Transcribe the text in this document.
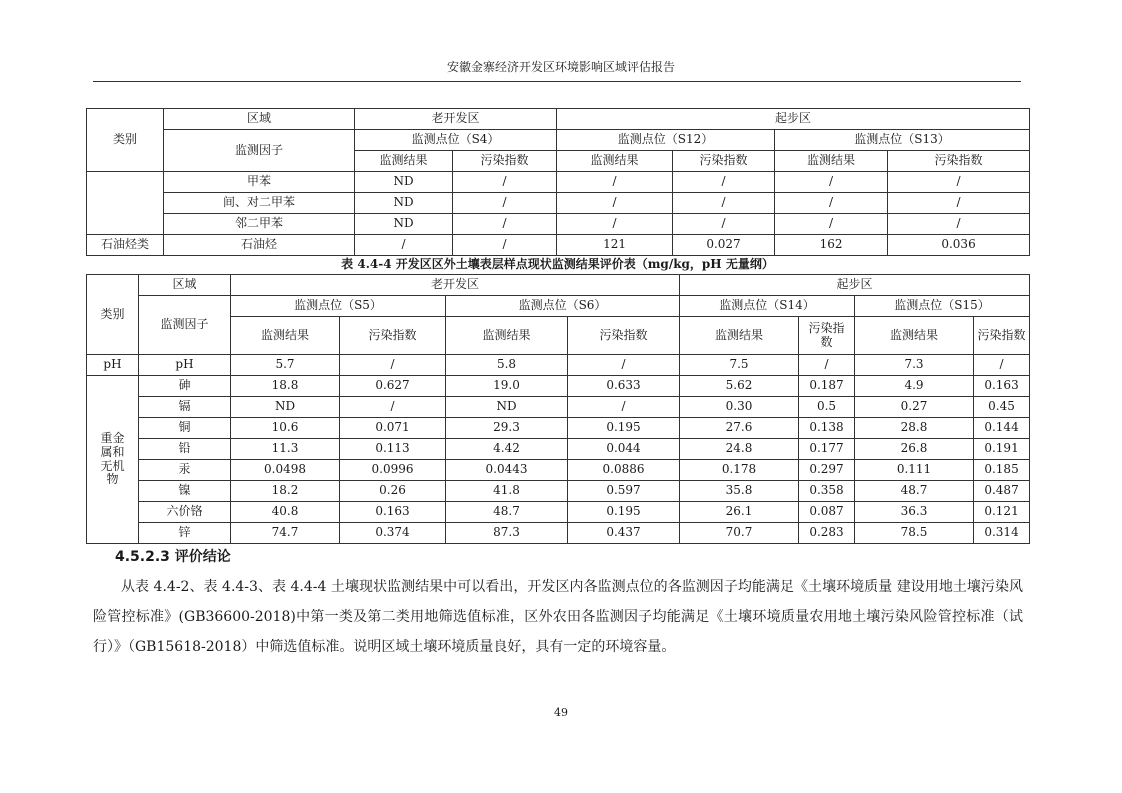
安徽金寨经济开发区环境影响区域评估报告
类别	区域	老开发区		起步区			
	监测因子	监测点位（S4）		监测点位（S12）		监测点位（S13）	
		监测结果	污染指数	监测结果	污染指数	监测结果	污染指数
	甲苯	ND	/	/	/	/	/
	间、对二甲苯	ND	/	/	/	/	/
	邻二甲苯	ND	/	/	/	/	/
石油烃类	石油烃	/	/	121	0.027	162	0.036
表 4.4-4 开发区区外土壤表层样点现状监测结果评价表（mg/kg，pH 无量纲）
类别	区域	老开发区				起步区			
	监测因子	监测点位（S5）		监测点位（S6）		监测点位（S14）		监测点位（S15）	
		监测结果	污染指数	监测结果	污染指数	监测结果	污染指数	监测结果	污染指数
pH	pH	5.7	/	5.8	/	7.5	/	7.3	/
重金属和无机物	砷	18.8	0.627	19.0	0.633	5.62	0.187	4.9	0.163
	镉	ND	/	ND	/	0.30	0.5	0.27	0.45
	铜	10.6	0.071	29.3	0.195	27.6	0.138	28.8	0.144
	铅	11.3	0.113	4.42	0.044	24.8	0.177	26.8	0.191
	汞	0.0498	0.0996	0.0443	0.0886	0.178	0.297	0.111	0.185
	镍	18.2	0.26	41.8	0.597	35.8	0.358	48.7	0.487
	六价铬	40.8	0.163	48.7	0.195	26.1	0.087	36.3	0.121
	锌	74.7	0.374	87.3	0.437	70.7	0.283	78.5	0.314
4.5.2.3 评价结论

从表 4.4-2、表 4.4-3、表 4.4-4 土壤现状监测结果中可以看出，开发区内各监测点位的各监测因子均能满足《土壤环境质量 建设用地土壤污染风险管控标准》(GB36600-2018)中第一类及第二类用地筛选值标准，区外农田各监测因子均能满足《土壤环境质量农用地土壤污染风险管控标准（试行）》（GB15618-2018）中筛选值标准。说明区域土壤环境质量良好，具有一定的环境容量。

49
